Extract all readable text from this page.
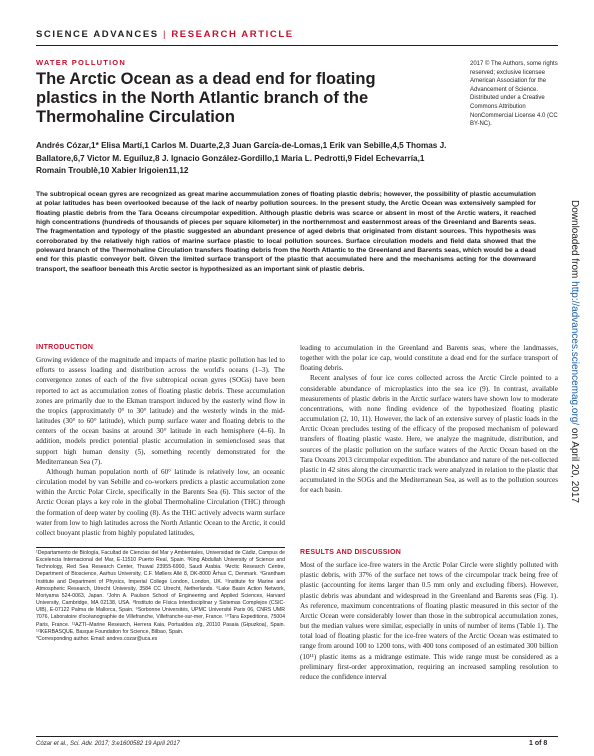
SCIENCE ADVANCES | RESEARCH ARTICLE
WATER POLLUTION
The Arctic Ocean as a dead end for floating plastics in the North Atlantic branch of the Thermohaline Circulation
Andrés Cózar,1* Elisa Martí,1 Carlos M. Duarte,2,3 Juan García-de-Lomas,1 Erik van Sebille,4,5 Thomas J. Ballatore,6,7 Victor M. Eguíluz,8 J. Ignacio González-Gordillo,1 Maria L. Pedrotti,9 Fidel Echevarría,1 Romain Troublè,10 Xabier Irigoien11,12
2017 © The Authors, some rights reserved; exclusive licensee American Association for the Advancement of Science. Distributed under a Creative Commons Attribution NonCommercial License 4.0 (CC BY-NC).
The subtropical ocean gyres are recognized as great marine accummulation zones of floating plastic debris; however, the possibility of plastic accumulation at polar latitudes has been overlooked because of the lack of nearby pollution sources. In the present study, the Arctic Ocean was extensively sampled for floating plastic debris from the Tara Oceans circumpolar expedition. Although plastic debris was scarce or absent in most of the Arctic waters, it reached high concentrations (hundreds of thousands of pieces per square kilometer) in the northernmost and easternmost areas of the Greenland and Barents seas. The fragmentation and typology of the plastic suggested an abundant presence of aged debris that originated from distant sources. This hypothesis was corroborated by the relatively high ratios of marine surface plastic to local pollution sources. Surface circulation models and field data showed that the poleward branch of the Thermohaline Circulation transfers floating debris from the North Atlantic to the Greenland and Barents seas, which would be a dead end for this plastic conveyor belt. Given the limited surface transport of the plastic that accumulated here and the mechanisms acting for the downward transport, the seafloor beneath this Arctic sector is hypothesized as an important sink of plastic debris.
INTRODUCTION

Growing evidence of the magnitude and impacts of marine plastic pollution has led to efforts to assess loading and distribution across the world's oceans (1–3). The convergence zones of each of the five subtropical ocean gyres (SOGs) have been reported to act as accumulation zones of floating plastic debris. These accumulation zones are primarily due to the Ekman transport induced by the easterly wind flow in the tropics (approximately 0° to 30° latitude) and the westerly winds in the mid-latitudes (30° to 60° latitude), which pump surface water and floating debris to the centers of the ocean basins at around 30° latitude in each hemisphere (4–6). In addition, models predict potential plastic accumulation in semienclosed seas that support high human density (5), something recently demonstrated for the Mediterranean Sea (7).

Although human population north of 60° latitude is relatively low, an oceanic circulation model by van Sebille and co-workers predicts a plastic accumulation zone within the Arctic Polar Circle, specifically in the Barents Sea (6). This sector of the Arctic Ocean plays a key role in the global Thermohaline Circulation (THC) through the formation of deep water by cooling (8). As the THC actively advects warm surface water from low to high latitudes across the North Atlantic Ocean to the Arctic, it could collect buoyant plastic from highly populated latitudes,

¹Departamento de Biología, Facultad de Ciencias del Mar y Ambientales, Universidad de Cádiz, Campus de Excelencia Internacional del Mar, E-11510 Puerto Real, Spain. ²King Abdullah University of Science and Technology, Red Sea Research Center, Thuwal 23955-6900, Saudi Arabia. ³Arctic Research Centre, Department of Bioscience, Aarhus University, C.F. Møllers Allé 8, DK-8000 Århus C, Denmark. ⁴Grantham Institute and Department of Physics, Imperial College London, London, UK. ⁵Institute for Marine and Atmospheric Research, Utrecht University, 3584 CC Utrecht, Netherlands. ⁶Lake Basin Action Network, Moriyama 524-0063, Japan. ⁷John A. Paulson School of Engineering and Applied Sciences, Harvard University, Cambridge, MA 02138, USA. ⁸Instituto de Física Interdisciplinar y Sistemas Complejos (CSIC-UIB), E-07122 Palma de Mallorca, Spain. ⁹Sorbonne Universités, UPMC Université Paris 06, CNRS UMR 7076, Laboratoire d'océanographie de Villefranche, Villefranche-sur-mer, France. ¹⁰Tara Expeditions, 75004 Paris, France. ¹¹AZTI–Marine Research, Herrera Kaia, Portualdea z/g, 20110 Pasaia (Gipuzkoa), Spain. ¹²IKERBASQUE, Basque Foundation for Science, Bilbao, Spain.
*Corresponding author. Email: andres.cozar@uca.es

leading to accumulation in the Greenland and Barents seas, where the landmasses, together with the polar ice cap, would constitute a dead end for the surface transport of floating debris.

Recent analyses of four ice cores collected across the Arctic Circle pointed to a considerable abundance of microplastics into the sea ice (9). In contrast, available measurements of plastic debris in the Arctic surface waters have shown low to moderate concentrations, with none finding evidence of the hypothesized floating plastic accumulation (2, 10, 11). However, the lack of an extensive survey of plastic loads in the Arctic Ocean precludes testing of the efficacy of the proposed mechanism of poleward transfers of floating plastic waste. Here, we analyze the magnitude, distribution, and sources of the plastic pollution on the surface waters of the Arctic Ocean based on the Tara Oceans 2013 circumpolar expedition. The abundance and nature of the net-collected plastic in 42 sites along the circumarctic track were analyzed in relation to the plastic that accumulated in the SOGs and the Mediterranean Sea, as well as to the pollution sources for each basin.

RESULTS AND DISCUSSION

Most of the surface ice-free waters in the Arctic Polar Circle were slightly polluted with plastic debris, with 37% of the surface net tows of the circumpolar track being free of plastic (accounting for items larger than 0.5 mm only and excluding fibers). However, plastic debris was abundant and widespread in the Greenland and Barents seas (Fig. 1). As reference, maximum concentrations of floating plastic measured in this sector of the Arctic Ocean were considerably lower than those in the subtropical accumulation zones, but the median values were similar, especially in units of number of items (Table 1). The total load of floating plastic for the ice-free waters of the Arctic Ocean was estimated to range from around 100 to 1200 tons, with 400 tons composed of an estimated 300 billion (10¹¹) plastic items as a midrange estimate. This wide range must be considered as a preliminary first-order approximation, requiring an increased sampling resolution to reduce the confidence interval

Cózar et al., Sci. Adv. 2017; 3:e1600582 19 April 2017	1 of 8
Downloaded from http://advances.sciencemag.org/ on April 20, 2017
